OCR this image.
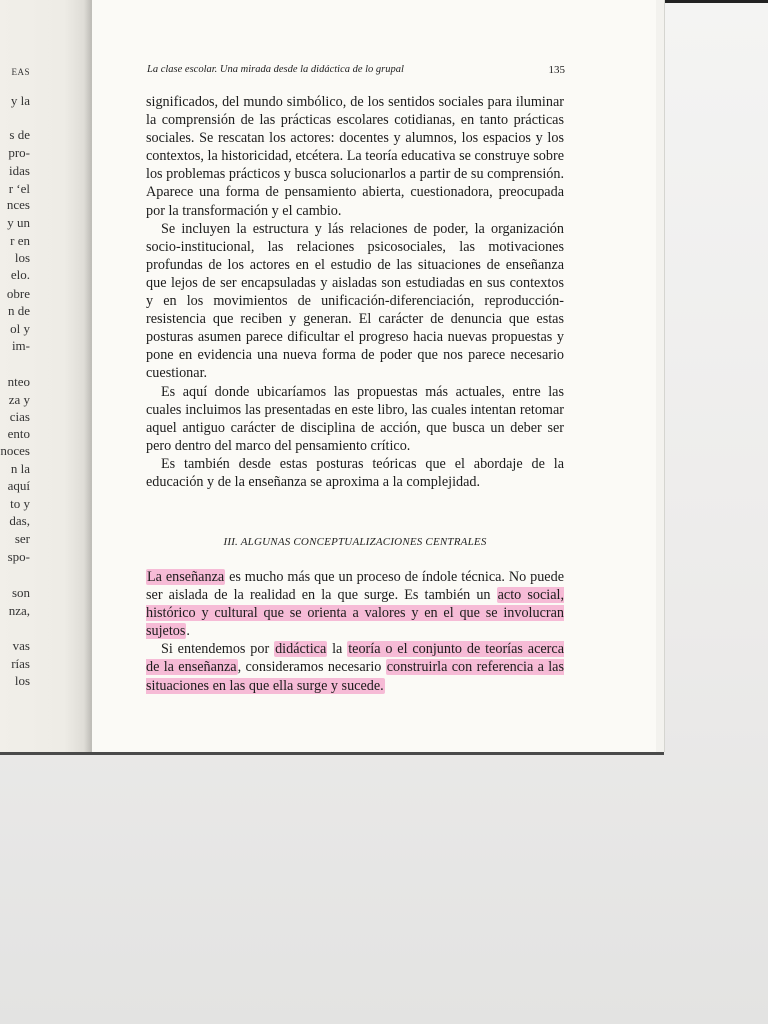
EAS
y la
s de
pro-
idas
r ‘el
nces
y un
r en
los
elo.
obre
n de
ol y
im-
nteo
za y
cias
ento
noces
n la
aquí
to y
das,
ser
spo-
son
nza,
vas
rías
los
La clase escolar. Una mirada desde la didáctica de lo grupal	135

significados, del mundo simbólico, de los sentidos sociales para iluminar la comprensión de las prácticas escolares cotidianas, en tanto prácticas sociales. Se rescatan los actores: docentes y alumnos, los espacios y los contextos, la historicidad, etcétera. La teoría educativa se construye sobre los problemas prácticos y busca solucionarlos a partir de su comprensión. Aparece una forma de pensamiento abierta, cuestionadora, preocupada por la transformación y el cambio.

Se incluyen la estructura y lás relaciones de poder, la organización socio-institucional, las relaciones psicosociales, las motivaciones profundas de los actores en el estudio de las situaciones de enseñanza que lejos de ser encapsuladas y aisladas son estudiadas en sus contextos y en los movimientos de unificación-diferenciación, reproducción-resistencia que reciben y generan. El carácter de denuncia que estas posturas asumen parece dificultar el progreso hacia nuevas propuestas y pone en evidencia una nueva forma de poder que nos parece necesario cuestionar.

Es aquí donde ubicaríamos las propuestas más actuales, entre las cuales incluimos las presentadas en este libro, las cuales intentan retomar aquel antiguo carácter de disciplina de acción, que busca un deber ser pero dentro del marco del pensamiento crítico.

Es también desde estas posturas teóricas que el abordaje de la educación y de la enseñanza se aproxima a la complejidad.

III. ALGUNAS CONCEPTUALIZACIONES CENTRALES

La enseñanza es mucho más que un proceso de índole técnica. No puede ser aislada de la realidad en la que surge. Es también un acto social, histórico y cultural que se orienta a valores y en el que se involucran sujetos.

Si entendemos por didáctica la teoría o el conjunto de teorías acerca de la enseñanza, consideramos necesario construirla con referencia a las situaciones en las que ella surge y sucede.
